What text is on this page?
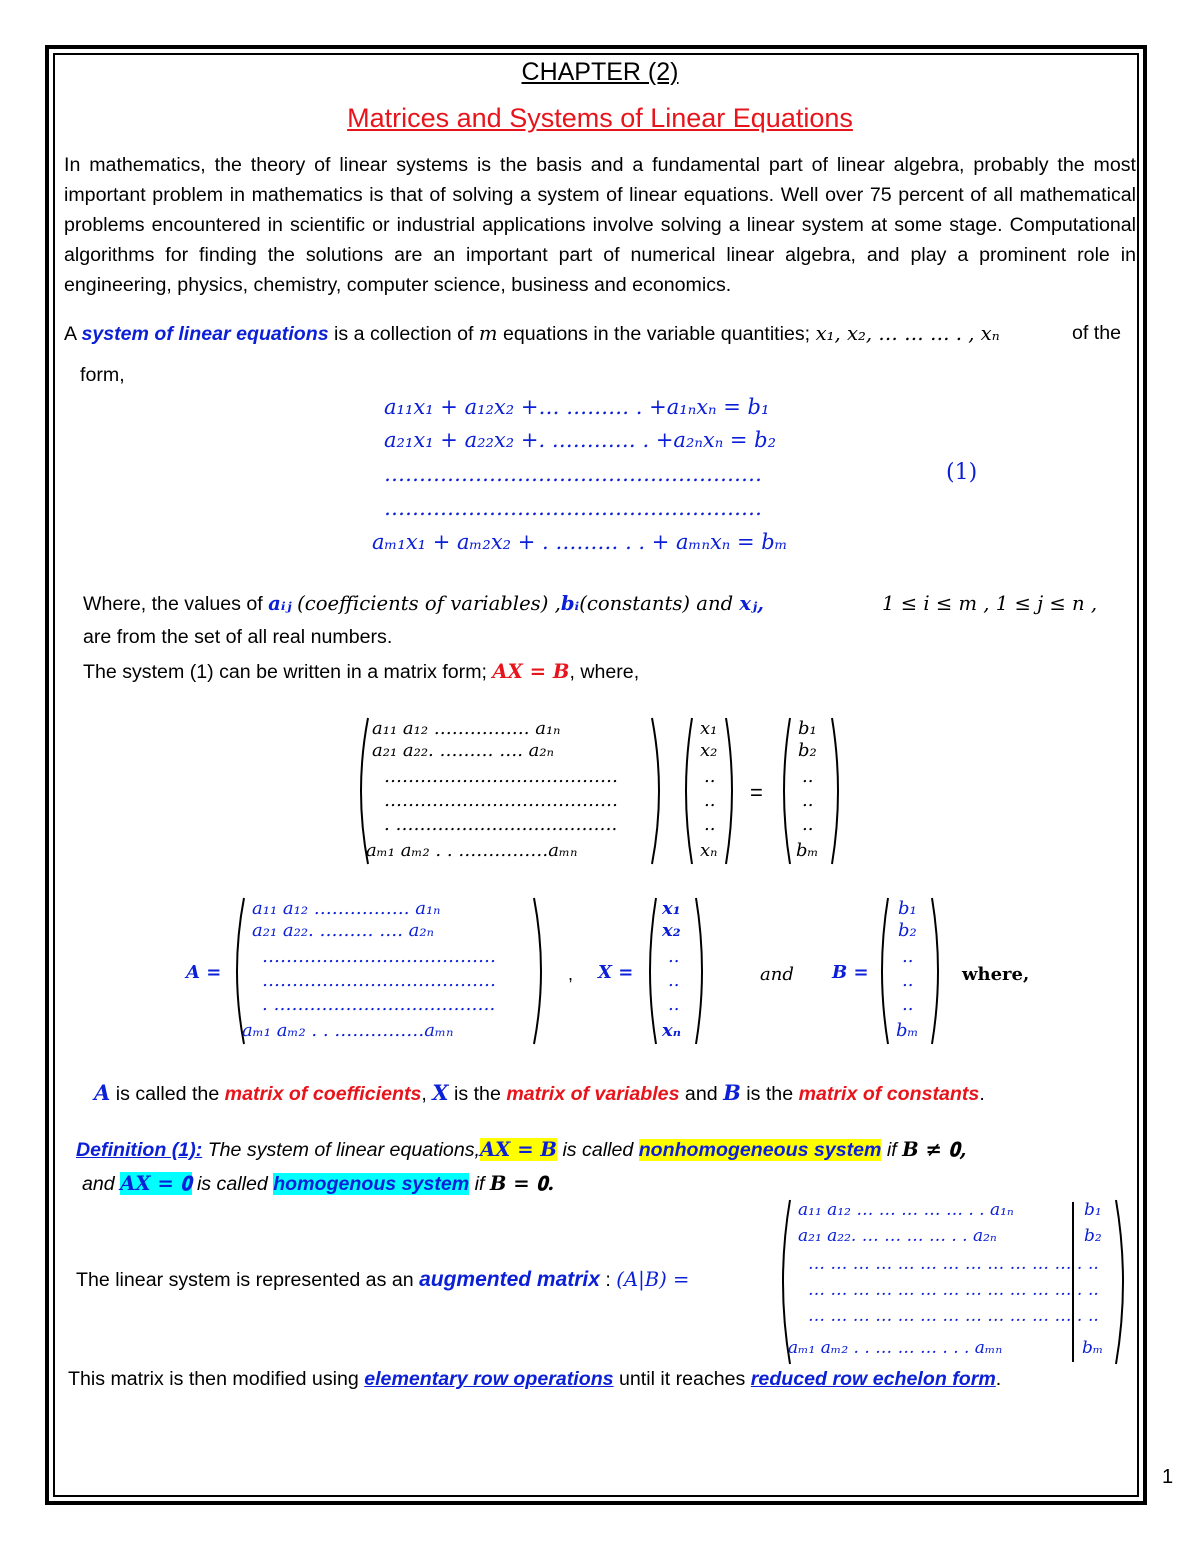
CHAPTER (2)
Matrices and Systems of Linear Equations
In mathematics, the theory of linear systems is the basis and a fundamental part of linear algebra, probably the most important problem in mathematics is that of solving a system of linear equations. Well over 75 percent of all mathematical problems encountered in scientific or industrial applications involve solving a linear system at some stage. Computational algorithms for finding the solutions are an important part of numerical linear algebra, and play a prominent role in engineering, physics, chemistry, computer science, business and economics.
A system of linear equations is a collection of m equations in the variable quantities; x₁, x₂, … … … . , xₙ	of the
form,
a₁₁x₁ + a₁₂x₂ +… ……… . +a₁ₙxₙ = b₁
a₂₁x₁ + a₂₂x₂ +. ………… . +a₂ₙxₙ = b₂
………………………………………………
………………………………………………
aₘ₁x₁ + aₘ₂x₂ + . ……… . . + aₘₙxₙ = bₘ
(1)
Where, the values of aᵢⱼ (coefficients of variables) ,bᵢ(constants) and xⱼ,	1 ≤ i ≤ m , 1 ≤ j ≤ n ,
are from the set of all real numbers.
The system (1) can be written in a matrix form; AX = B, where,
a₁₁ a₁₂ ……………. a₁ₙ
a₂₁ a₂₂. ……… …. a₂ₙ
…………………………………
…………………………………
. ……………………………….
aₘ₁ aₘ₂ . . ……………aₘₙ
x₁
x₂
..
..
..
xₙ
=
b₁
b₂
..
..
..
bₘ
A =
a₁₁ a₁₂ ……………. a₁ₙ
a₂₁ a₂₂. ……… …. a₂ₙ
…………………………………
…………………………………
. ……………………………….
aₘ₁ aₘ₂ . . ……………aₘₙ
, X =
x₁
x₂
..
..
..
xₙ
and B =
b₁
b₂
..
..
..
bₘ
where,
A is called the matrix of coefficients, X is the matrix of variables and B is the matrix of constants.
Definition (1): The system of linear equations,AX = B is called nonhomogeneous system if B ≠ 𝟎,
and AX = 𝟎 is called homogenous system if B = 𝟎.
The linear system is represented as an augmented matrix : (A|B) =
a₁₁ a₁₂ … … … … … . . a₁ₙ
a₂₁ a₂₂. … … … … . . a₂ₙ
… … … … … … … … … … … … .
… … … … … … … … … … … … .
… … … … … … … … … … … … .
aₘ₁ aₘ₂ . . … … … . . . aₘₙ
b₁
b₂
..
..
..
bₘ
This matrix is then modified using elementary row operations until it reaches reduced row echelon form.
1
